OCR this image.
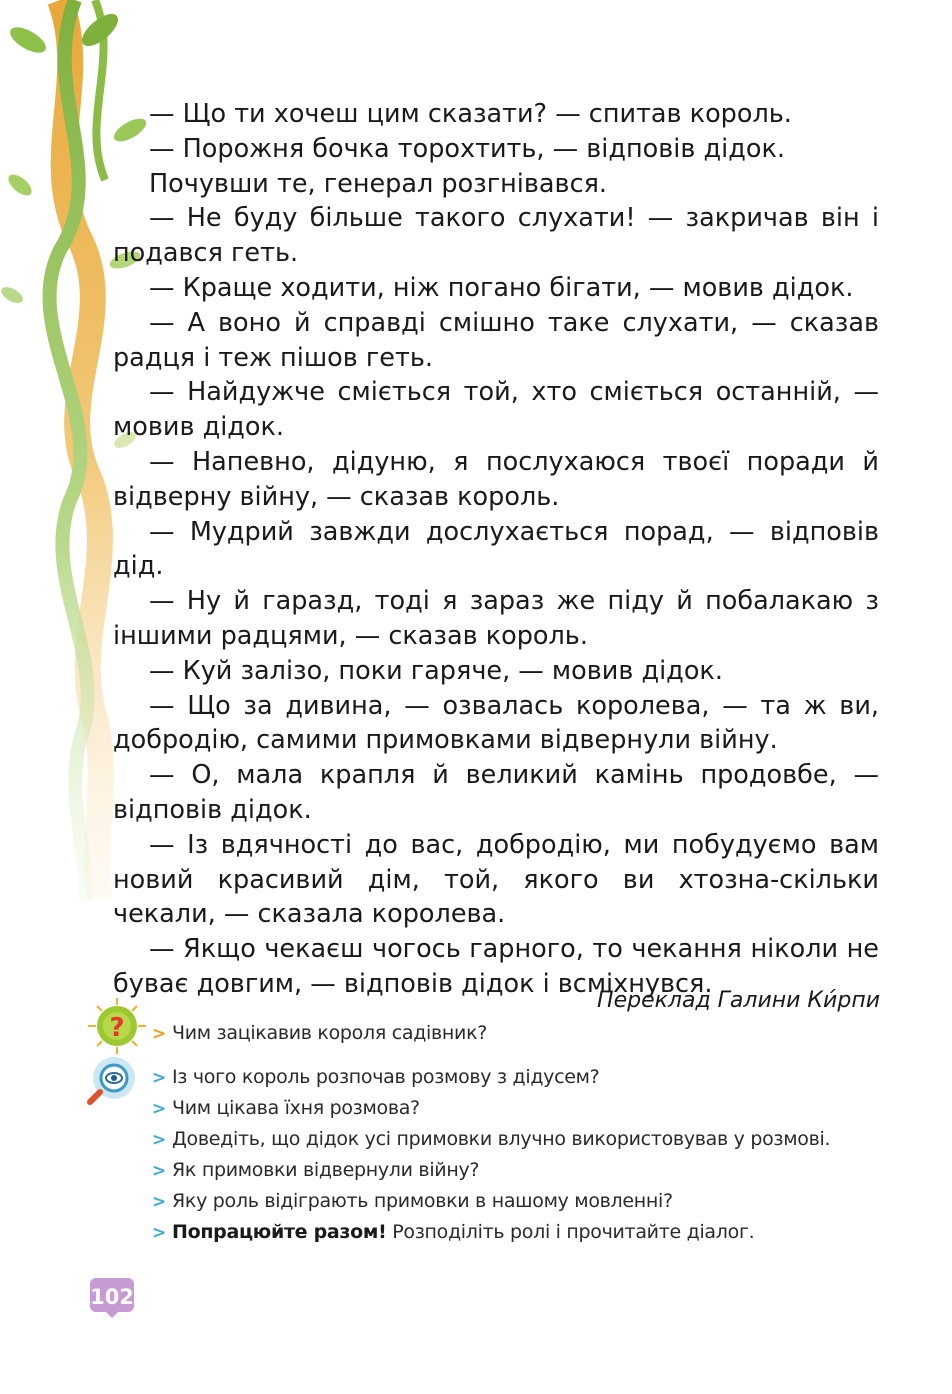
— Що ти хочеш цим сказати? — спитав король.

— Порожня бочка торохтить, — відповів дідок.

Почувши те, генерал розгнівався.

— Не буду більше такого слухати! — закричав він і подався геть.

— Краще ходити, ніж погано бігати, — мовив дідок.

— А воно й справді смішно таке слухати, — сказав радця і теж пішов геть.

— Найдужче сміється той, хто сміється останній, — мовив дідок.

— Напевно, дідуню, я послухаюся твоєї поради й відверну війну, — сказав король.

— Мудрий завжди дослухається порад, — відповів дід.

— Ну й гаразд, тоді я зараз же піду й побалакаю з іншими радцями, — сказав король.

— Куй залізо, поки гаряче, — мовив дідок.

— Що за дивина, — озвалась королева, — та ж ви, добродію, самими примовками відвернули війну.

— О, мала крапля й великий камінь продовбе, — відповів дідок.

— Із вдячності до вас, добродію, ми побудуємо вам новий красивий дім, той, якого ви хтозна-скільки чекали, — сказала королева.

— Якщо чекаєш чогось гарного, то чекання ніколи не буває довгим, — відповів дідок і всміхнувся.

Переклад Галини Ки́рпи
? > Чим зацікавив короля садівник?
> Із чого король розпочав розмову з дідусем?
> Чим цікава їхня розмова?
> Доведіть, що дідок усі примовки влучно використовував у розмові.
> Як примовки відвернули війну?
> Яку роль відіграють примовки в нашому мовленні?
> Попрацюйте разом! Розподіліть ролі і прочитайте діалог.
102
